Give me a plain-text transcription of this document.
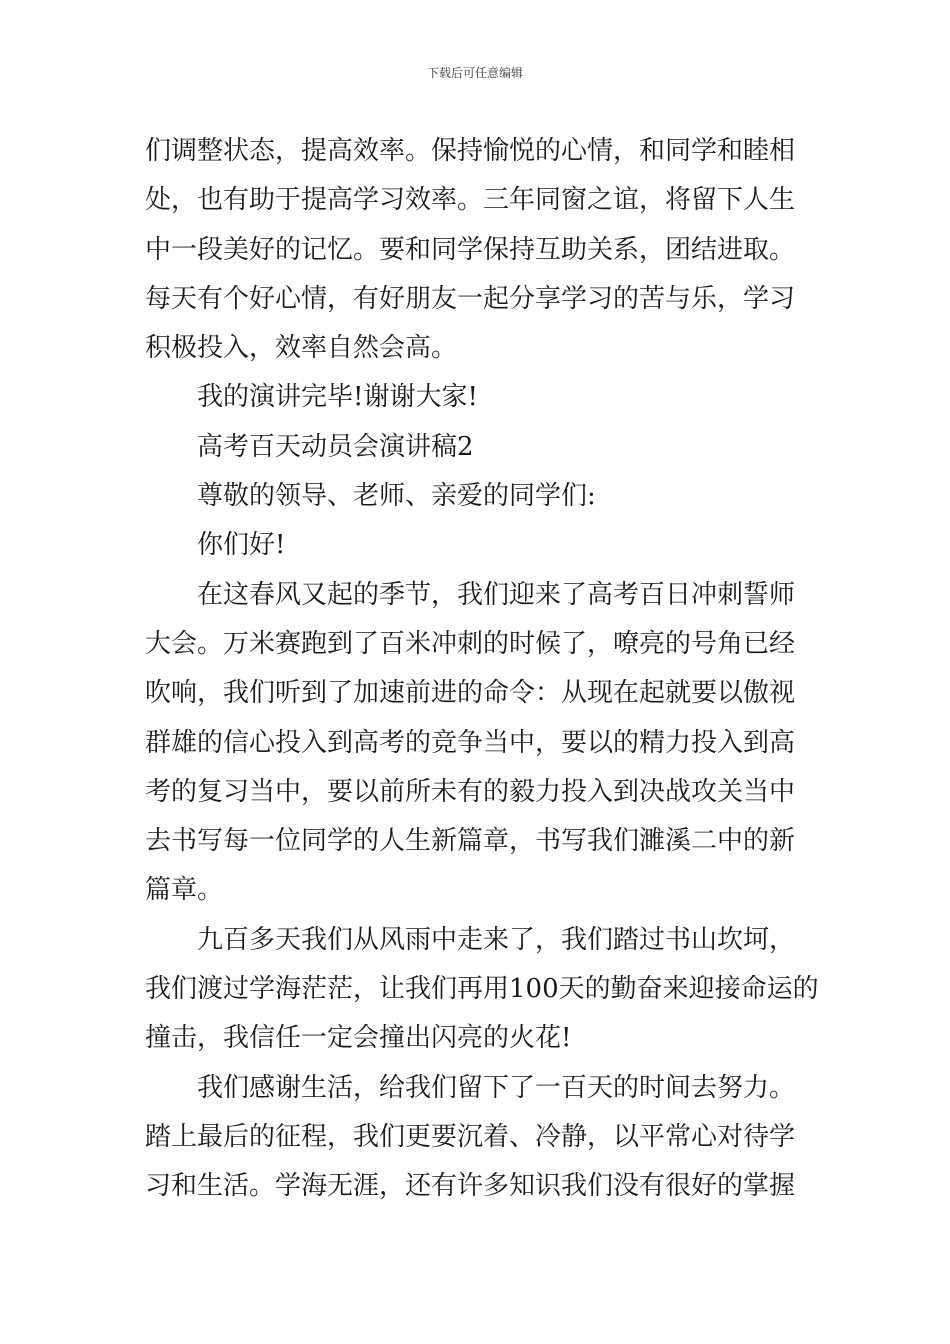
下载后可任意编辑
们调整状态，提高效率。保持愉悦的心情，和同学和睦相
处，也有助于提高学习效率。三年同窗之谊，将留下人生
中一段美好的记忆。要和同学保持互助关系，团结进取。
每天有个好心情，有好朋友一起分享学习的苦与乐，学习
积极投入，效率自然会高。
我的演讲完毕!谢谢大家!
高考百天动员会演讲稿2
尊敬的领导、老师、亲爱的同学们:
你们好!
在这春风又起的季节，我们迎来了高考百日冲刺誓师
大会。万米赛跑到了百米冲刺的时候了，嘹亮的号角已经
吹响，我们听到了加速前进的命令：从现在起就要以傲视
群雄的信心投入到高考的竞争当中，要以的精力投入到高
考的复习当中，要以前所未有的毅力投入到决战攻关当中
去书写每一位同学的人生新篇章，书写我们濉溪二中的新
篇章。
九百多天我们从风雨中走来了，我们踏过书山坎坷，
我们渡过学海茫茫，让我们再用100天的勤奋来迎接命运的
撞击，我信任一定会撞出闪亮的火花!
我们感谢生活，给我们留下了一百天的时间去努力。
踏上最后的征程，我们更要沉着、冷静，以平常心对待学
习和生活。学海无涯，还有许多知识我们没有很好的掌握
